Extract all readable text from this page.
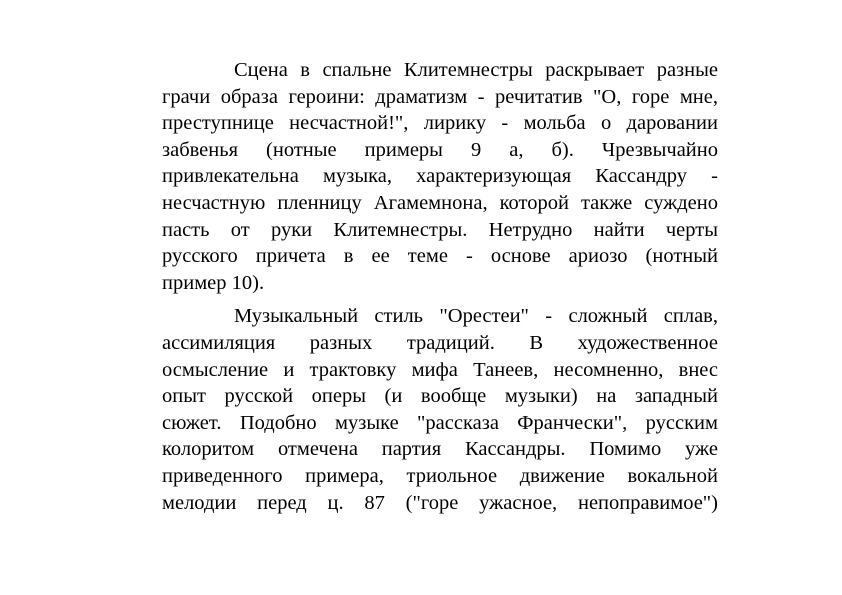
Сцена в спальне Клитемнестры раскрывает разные
грачи образа героини: драматизм - речитатив "О, горе мне,
преступнице несчастной!", лирику - мольба о даровании
забвенья (нотные примеры 9 а, б). Чрезвычайно
привлекательна музыка, характеризующая Кассандру -
несчастную пленницу Агамемнона, которой также суждено
пасть от руки Клитемнестры. Нетрудно найти черты
русского причета в ее теме - основе ариозо (нотный
пример 10).

Музыкальный стиль "Орестеи" - сложный сплав,
ассимиляция разных традиций. В художественное
осмысление и трактовку мифа Танеев, несомненно, внес
опыт русской оперы (и вообще музыки) на западный
сюжет. Подобно музыке "рассказа Франчески", русским
колоритом отмечена партия Кассандры. Помимо уже
приведенного примера, триольное движение вокальной
мелодии перед ц. 87 ("горе ужасное, непоправимое")
